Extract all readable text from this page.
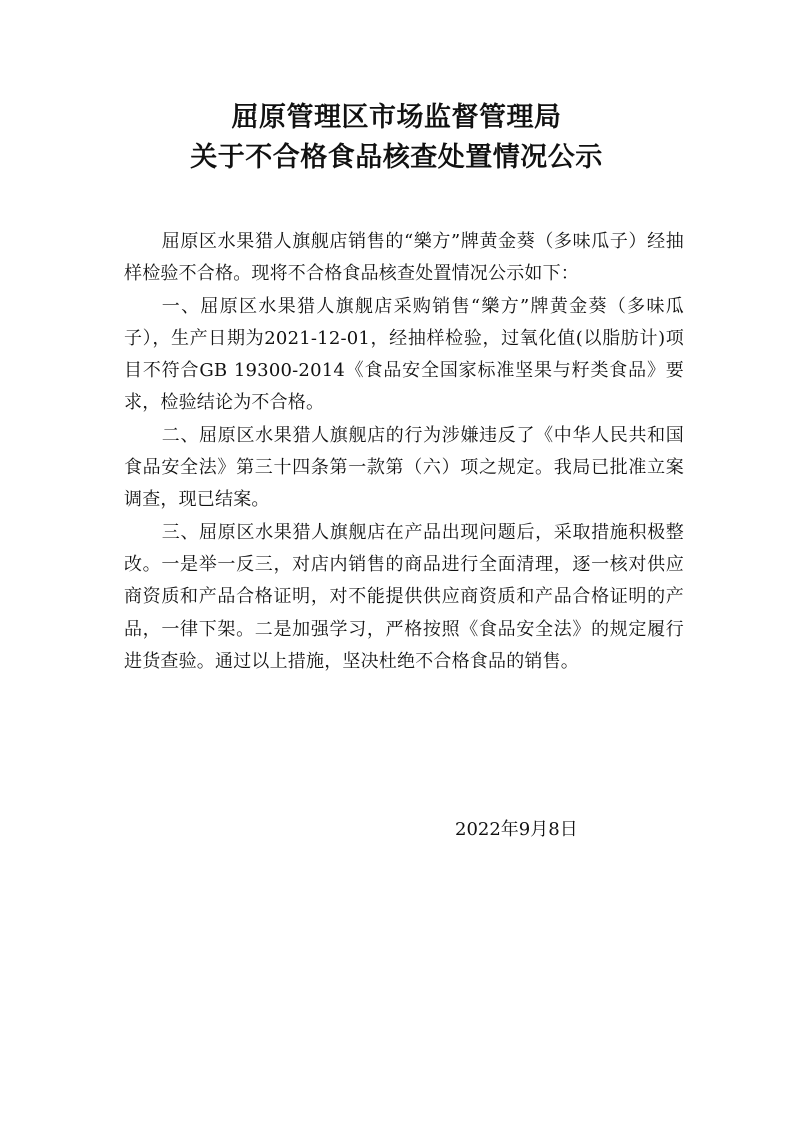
屈原管理区市场监督管理局
关于不合格食品核查处置情况公示

屈原区水果猎人旗舰店销售的“樂方”牌黄金葵（多味瓜子）经抽样检验不合格。现将不合格食品核查处置情况公示如下：

一、屈原区水果猎人旗舰店采购销售“樂方”牌黄金葵（多味瓜子），生产日期为2021-12-01，经抽样检验，过氧化值(以脂肪计)项目不符合GB 19300-2014《食品安全国家标准坚果与籽类食品》要求，检验结论为不合格。

二、屈原区水果猎人旗舰店的行为涉嫌违反了《中华人民共和国食品安全法》第三十四条第一款第（六）项之规定。我局已批准立案调查，现已结案。

三、屈原区水果猎人旗舰店在产品出现问题后，采取措施积极整改。一是举一反三，对店内销售的商品进行全面清理，逐一核对供应商资质和产品合格证明，对不能提供供应商资质和产品合格证明的产品，一律下架。二是加强学习，严格按照《食品安全法》的规定履行进货查验。通过以上措施，坚决杜绝不合格食品的销售。

2022年9月8日
